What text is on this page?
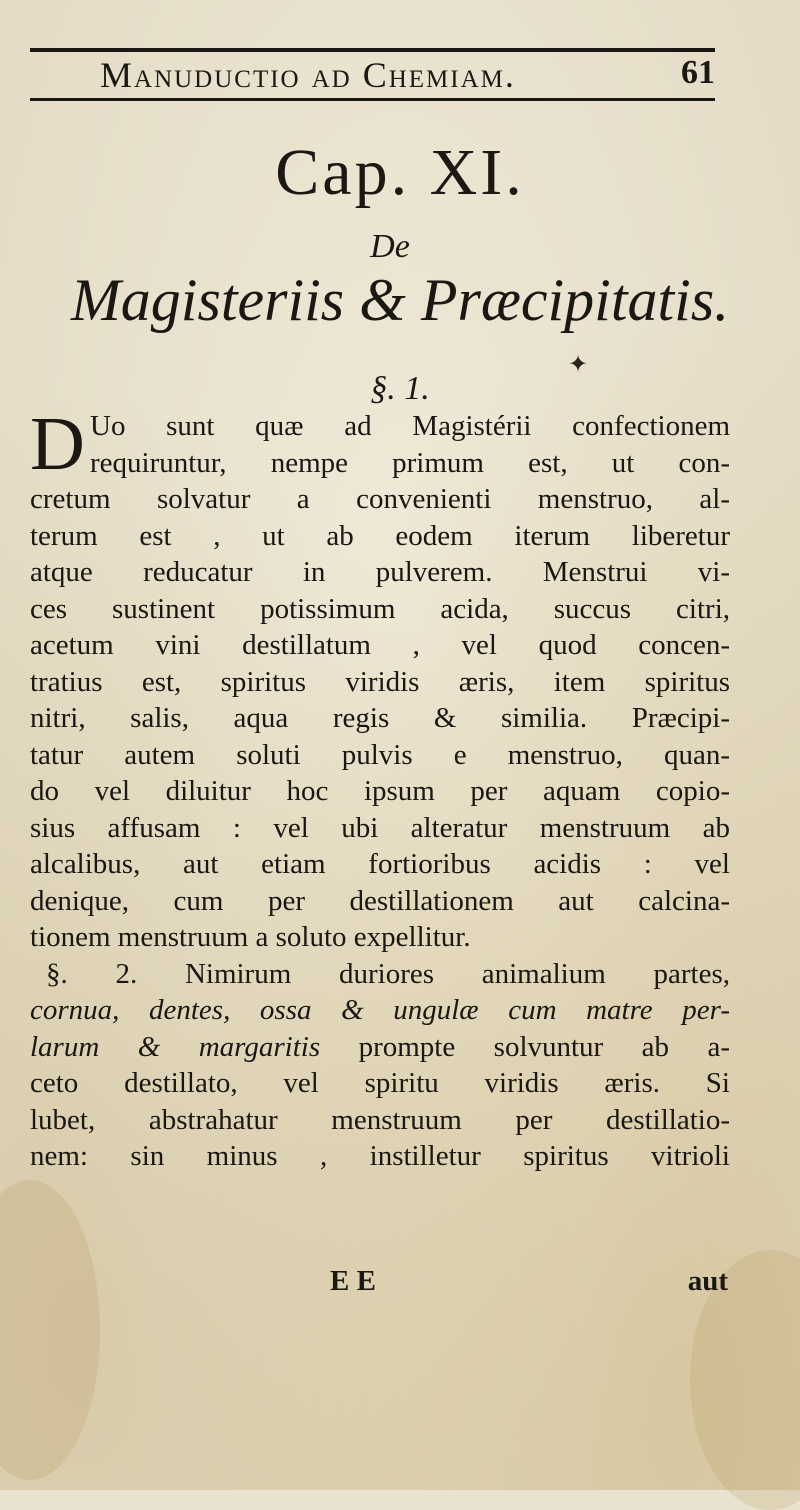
Manuductio ad Chemiam.	61
Cap. XI.
De
Magisteriis & Præcipitatis.
✦
§. 1.
D Uo sunt quæ ad Magistérii confectionem
requiruntur, nempe primum est, ut con-
cretum solvatur a convenienti menstruo, al-
terum est , ut ab eodem iterum liberetur
atque reducatur in pulverem. Menstrui vi-
ces sustinent potissimum acida, succus citri,
acetum vini destillatum , vel quod concen-
tratius est, spiritus viridis æris, item spiritus
nitri, salis, aqua regis & similia. Præcipi-
tatur autem soluti pulvis e menstruo, quan-
do vel diluitur hoc ipsum per aquam copio-
sius affusam : vel ubi alteratur menstruum ab
alcalibus, aut etiam fortioribus acidis : vel
denique, cum per destillationem aut calcina-
tionem menstruum a soluto expellitur.
§. 2. Nimirum duriores animalium partes,
cornua, dentes, ossa & ungulæ cum matre per-
larum & margaritis prompte solvuntur ab a-
ceto destillato, vel spiritu viridis æris. Si
lubet, abstrahatur menstruum per destillatio-
nem: sin minus , instilletur spiritus vitrioli
E E	aut
